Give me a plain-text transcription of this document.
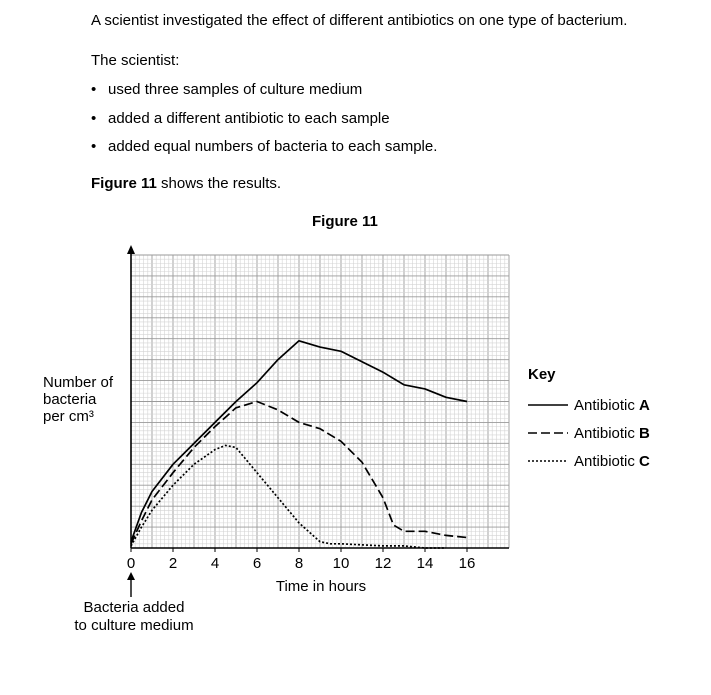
A scientist investigated the effect of different antibiotics on one type of bacterium.
The scientist:
• used three samples of culture medium
• added a different antibiotic to each sample
• added equal numbers of bacteria to each sample.
Figure 11 shows the results.
Figure 11
0 2 4 6 8 10 12 14 16
Time in hours
Number of
bacteria
per cm³
Bacteria added
to culture medium
Key
Antibiotic
A
Antibiotic
B
Antibiotic
C
